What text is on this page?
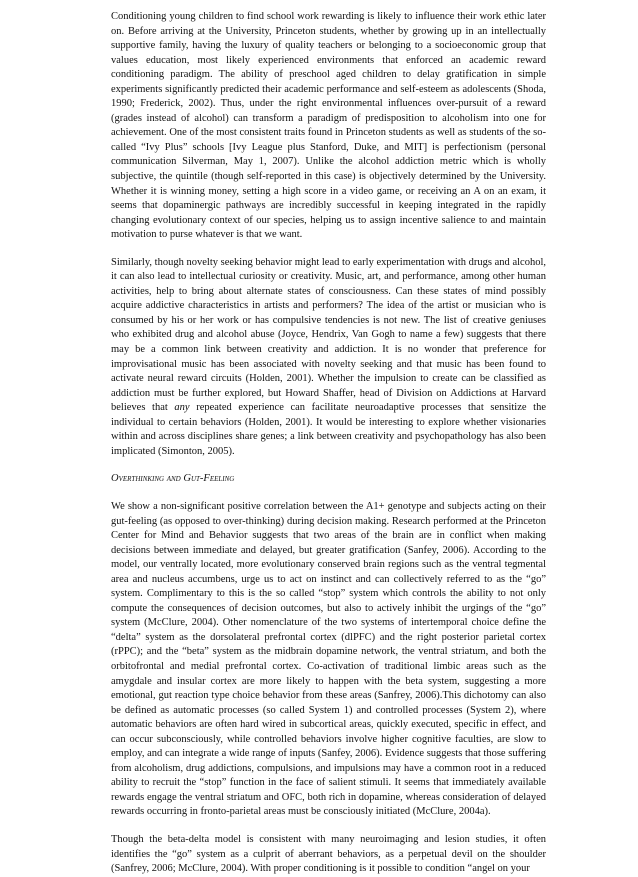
Conditioning young children to find school work rewarding is likely to influence their work ethic later on. Before arriving at the University, Princeton students, whether by growing up in an intellectually supportive family, having the luxury of quality teachers or belonging to a socioeconomic group that values education, most likely experienced environments that enforced an academic reward conditioning paradigm. The ability of preschool aged children to delay gratification in simple experiments significantly predicted their academic performance and self-esteem as adolescents (Shoda, 1990; Frederick, 2002). Thus, under the right environmental influences over-pursuit of a reward (grades instead of alcohol) can transform a paradigm of predisposition to alcoholism into one for achievement. One of the most consistent traits found in Princeton students as well as students of the so-called “Ivy Plus” schools [Ivy League plus Stanford, Duke, and MIT] is perfectionism (personal communication Silverman, May 1, 2007). Unlike the alcohol addiction metric which is wholly subjective, the quintile (though self-reported in this case) is objectively determined by the University. Whether it is winning money, setting a high score in a video game, or receiving an A on an exam, it seems that dopaminergic pathways are incredibly successful in keeping integrated in the rapidly changing evolutionary context of our species, helping us to assign incentive salience to and maintain motivation to purse whatever is that we want.

Similarly, though novelty seeking behavior might lead to early experimentation with drugs and alcohol, it can also lead to intellectual curiosity or creativity. Music, art, and performance, among other human activities, help to bring about alternate states of consciousness. Can these states of mind possibly acquire addictive characteristics in artists and performers? The idea of the artist or musician who is consumed by his or her work or has compulsive tendencies is not new. The list of creative geniuses who exhibited drug and alcohol abuse (Joyce, Hendrix, Van Gogh to name a few) suggests that there may be a common link between creativity and addiction. It is no wonder that preference for improvisational music has been associated with novelty seeking and that music has been found to activate neural reward circuits (Holden, 2001). Whether the impulsion to create can be classified as addiction must be further explored, but Howard Shaffer, head of Division on Addictions at Harvard believes that any repeated experience can facilitate neuroadaptive processes that sensitize the individual to certain behaviors (Holden, 2001). It would be interesting to explore whether visionaries within and across disciplines share genes; a link between creativity and psychopathology has also been implicated (Simonton, 2005).

Overthinking and Gut-Feeling

We show a non-significant positive correlation between the A1+ genotype and subjects acting on their gut-feeling (as opposed to over-thinking) during decision making. Research performed at the Princeton Center for Mind and Behavior suggests that two areas of the brain are in conflict when making decisions between immediate and delayed, but greater gratification (Sanfey, 2006). According to the model, our ventrally located, more evolutionary conserved brain regions such as the ventral tegmental area and nucleus accumbens, urge us to act on instinct and can collectively referred to as the “go” system. Complimentary to this is the so called “stop” system which controls the ability to not only compute the consequences of decision outcomes, but also to actively inhibit the urgings of the “go” system (McClure, 2004). Other nomenclature of the two systems of intertemporal choice define the “delta” system as the dorsolateral prefrontal cortex (dlPFC) and the right posterior parietal cortex (rPPC); and the “beta” system as the midbrain dopamine network, the ventral striatum, and both the orbitofrontal and medial prefrontal cortex. Co-activation of traditional limbic areas such as the amygdale and insular cortex are more likely to happen with the beta system, suggesting a more emotional, gut reaction type choice behavior from these areas (Sanfrey, 2006).This dichotomy can also be defined as automatic processes (so called System 1) and controlled processes (System 2), where automatic behaviors are often hard wired in subcortical areas, quickly executed, specific in effect, and can occur subconsciously, while controlled behaviors involve higher cognitive faculties, are slow to employ, and can integrate a wide range of inputs (Sanfey, 2006). Evidence suggests that those suffering from alcoholism, drug addictions, compulsions, and impulsions may have a common root in a reduced ability to recruit the “stop” function in the face of salient stimuli. It seems that immediately available rewards engage the ventral striatum and OFC, both rich in dopamine, whereas consideration of delayed rewards occurring in fronto-parietal areas must be consciously initiated (McClure, 2004a).

Though the beta-delta model is consistent with many neuroimaging and lesion studies, it often identifies the “go” system as a culprit of aberrant behaviors, as a perpetual devil on the shoulder (Sanfrey, 2006; McClure, 2004). With proper conditioning is it possible to condition “angel on your
